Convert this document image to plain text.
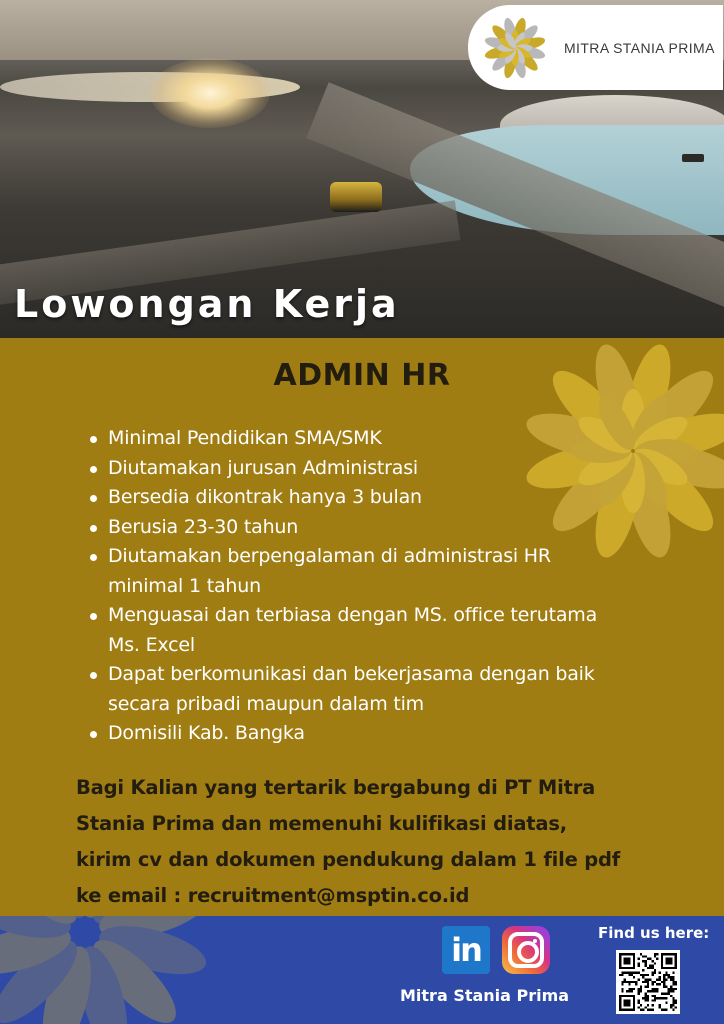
MITRA STANIA PRIMA
Lowongan Kerja
ADMIN HR
Minimal Pendidikan SMA/SMK
Diutamakan jurusan Administrasi
Bersedia dikontrak hanya 3 bulan
Berusia 23-30 tahun
Diutamakan berpengalaman di administrasi HR
minimal 1 tahun
Menguasai dan terbiasa dengan MS. office terutama
Ms. Excel
Dapat berkomunikasi dan bekerjasama dengan baik
secara pribadi maupun dalam tim
Domisili Kab. Bangka
Bagi Kalian yang tertarik bergabung di PT Mitra
Stania Prima dan memenuhi kulifikasi diatas,
kirim cv dan dokumen pendukung dalam 1 file pdf
ke email : recruitment@msptin.co.id
in
Mitra Stania Prima
Find us here:
